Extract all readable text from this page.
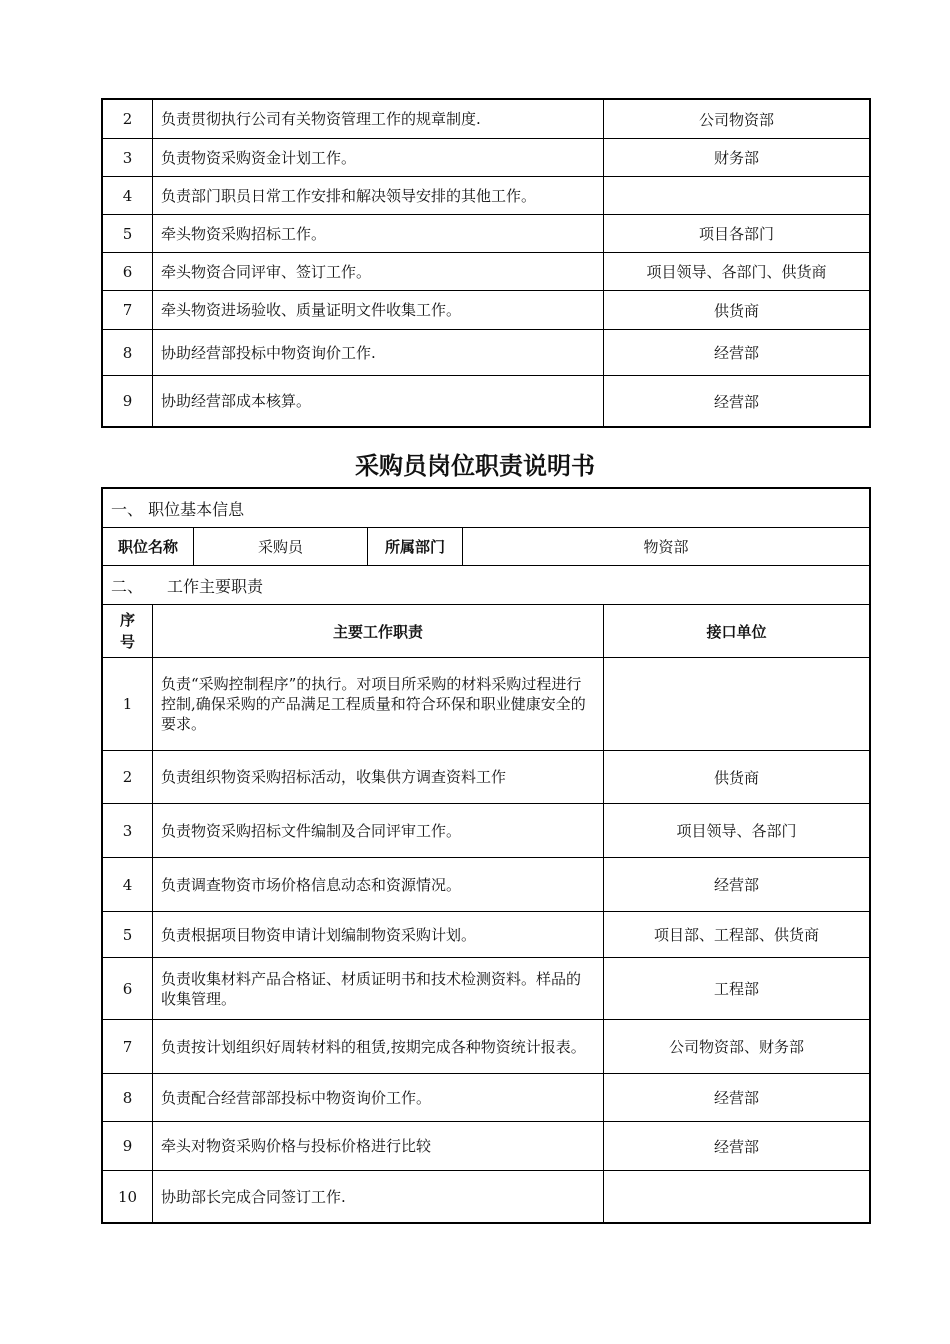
2	负责贯彻执行公司有关物资管理工作的规章制度.	公司物资部
3	负责物资采购资金计划工作。	财务部
4	负责部门职员日常工作安排和解决领导安排的其他工作。	
5	牵头物资采购招标工作。	项目各部门
6	牵头物资合同评审、签订工作。	项目领导、各部门、供货商
7	牵头物资进场验收、质量证明文件收集工作。	供货商
8	协助经营部投标中物资询价工作.	经营部
9	协助经营部成本核算。	经营部
采购员岗位职责说明书
一、 职位基本信息					
职位名称		采购员	所属部门	物资部	
二、　　工作主要职责					
序号	主要工作职责				接口单位
1	负责“采购控制程序”的执行。对项目所采购的材料采购过程进行控制,确保采购的产品满足工程质量和符合环保和职业健康安全的要求。				
2	负责组织物资采购招标活动，收集供方调查资料工作				供货商
3	负责物资采购招标文件编制及合同评审工作。				项目领导、各部门
4	负责调查物资市场价格信息动态和资源情况。				经营部
5	负责根据项目物资申请计划编制物资采购计划。				项目部、工程部、供货商
6	负责收集材料产品合格证、材质证明书和技术检测资料。样品的收集管理。				工程部
7	负责按计划组织好周转材料的租赁,按期完成各种物资统计报表。				公司物资部、财务部
8	负责配合经营部部投标中物资询价工作。				经营部
9	牵头对物资采购价格与投标价格进行比较				经营部
10	协助部长完成合同签订工作.				
